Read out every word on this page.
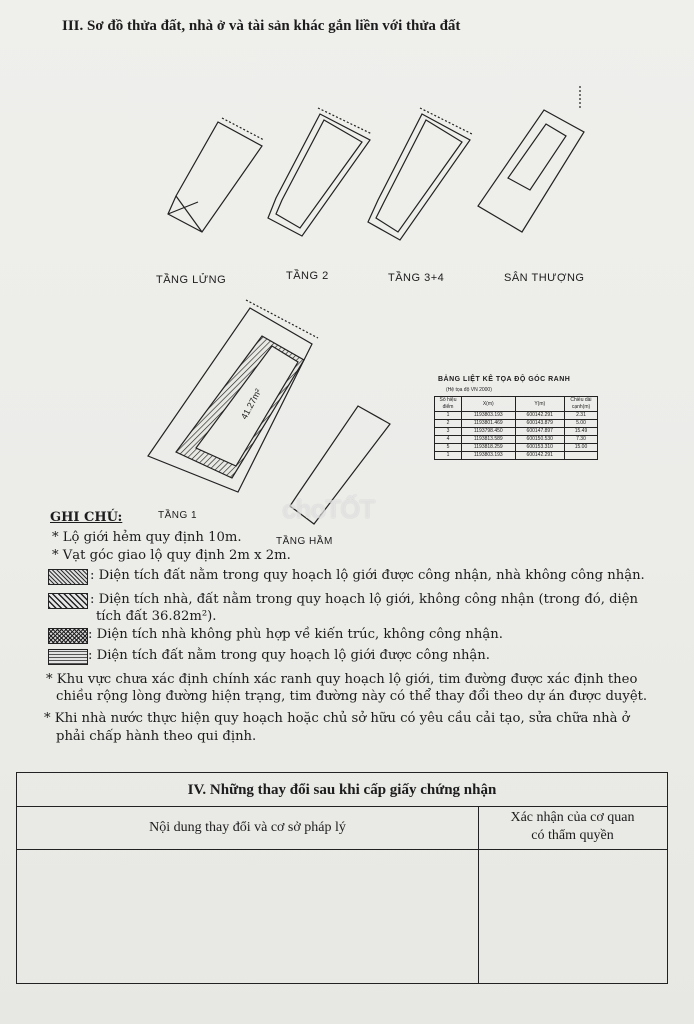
III. Sơ đồ thửa đất, nhà ở và tài sản khác gắn liền với thửa đất
41.27m²
TẦNG LỬNG	TẦNG 2	TẦNG 3+4	SÂN THƯỢNG
TẦNG 1
TẦNG HẦM
BẢNG LIỆT KÊ TỌA ĐỘ GÓC RANH
(Hệ tọa độ VN 2000)
Số hiệu điểm	X(m)	Y(m)	Chiều dài cạnh(m)
1	1193803.193	600142.291	2.31
2	1193801.469	600143.879	5.00
3	1193798.450	600147.897	15.49
4	1193813.589	600150.530	7.30
5	1193818.259	600153.310	15.00
1	1193803.193	600142.291	
choTỐT
GHI CHÚ:
* Lộ giới hẻm quy định 10m.
* Vạt góc giao lộ quy định 2m x 2m.
: Diện tích đất nằm trong quy hoạch lộ giới được công nhận, nhà không công nhận.
: Diện tích nhà, đất nằm trong quy hoạch lộ giới, không công nhận (trong đó, diện
tích đất 36.82m²).
: Diện tích nhà không phù hợp về kiến trúc, không công nhận.
: Diện tích đất nằm trong quy hoạch lộ giới được công nhận.
* Khu vực chưa xác định chính xác ranh quy hoạch lộ giới, tim đường được xác định theo
chiều rộng lòng đường hiện trạng, tim đường này có thể thay đổi theo dự án được duyệt.
* Khi nhà nước thực hiện quy hoạch hoặc chủ sở hữu có yêu cầu cải tạo, sửa chữa nhà ở
phải chấp hành theo qui định.
IV. Những thay đổi sau khi cấp giấy chứng nhận
Nội dung thay đổi và cơ sở pháp lý
Xác nhận của cơ quan
có thẩm quyền
